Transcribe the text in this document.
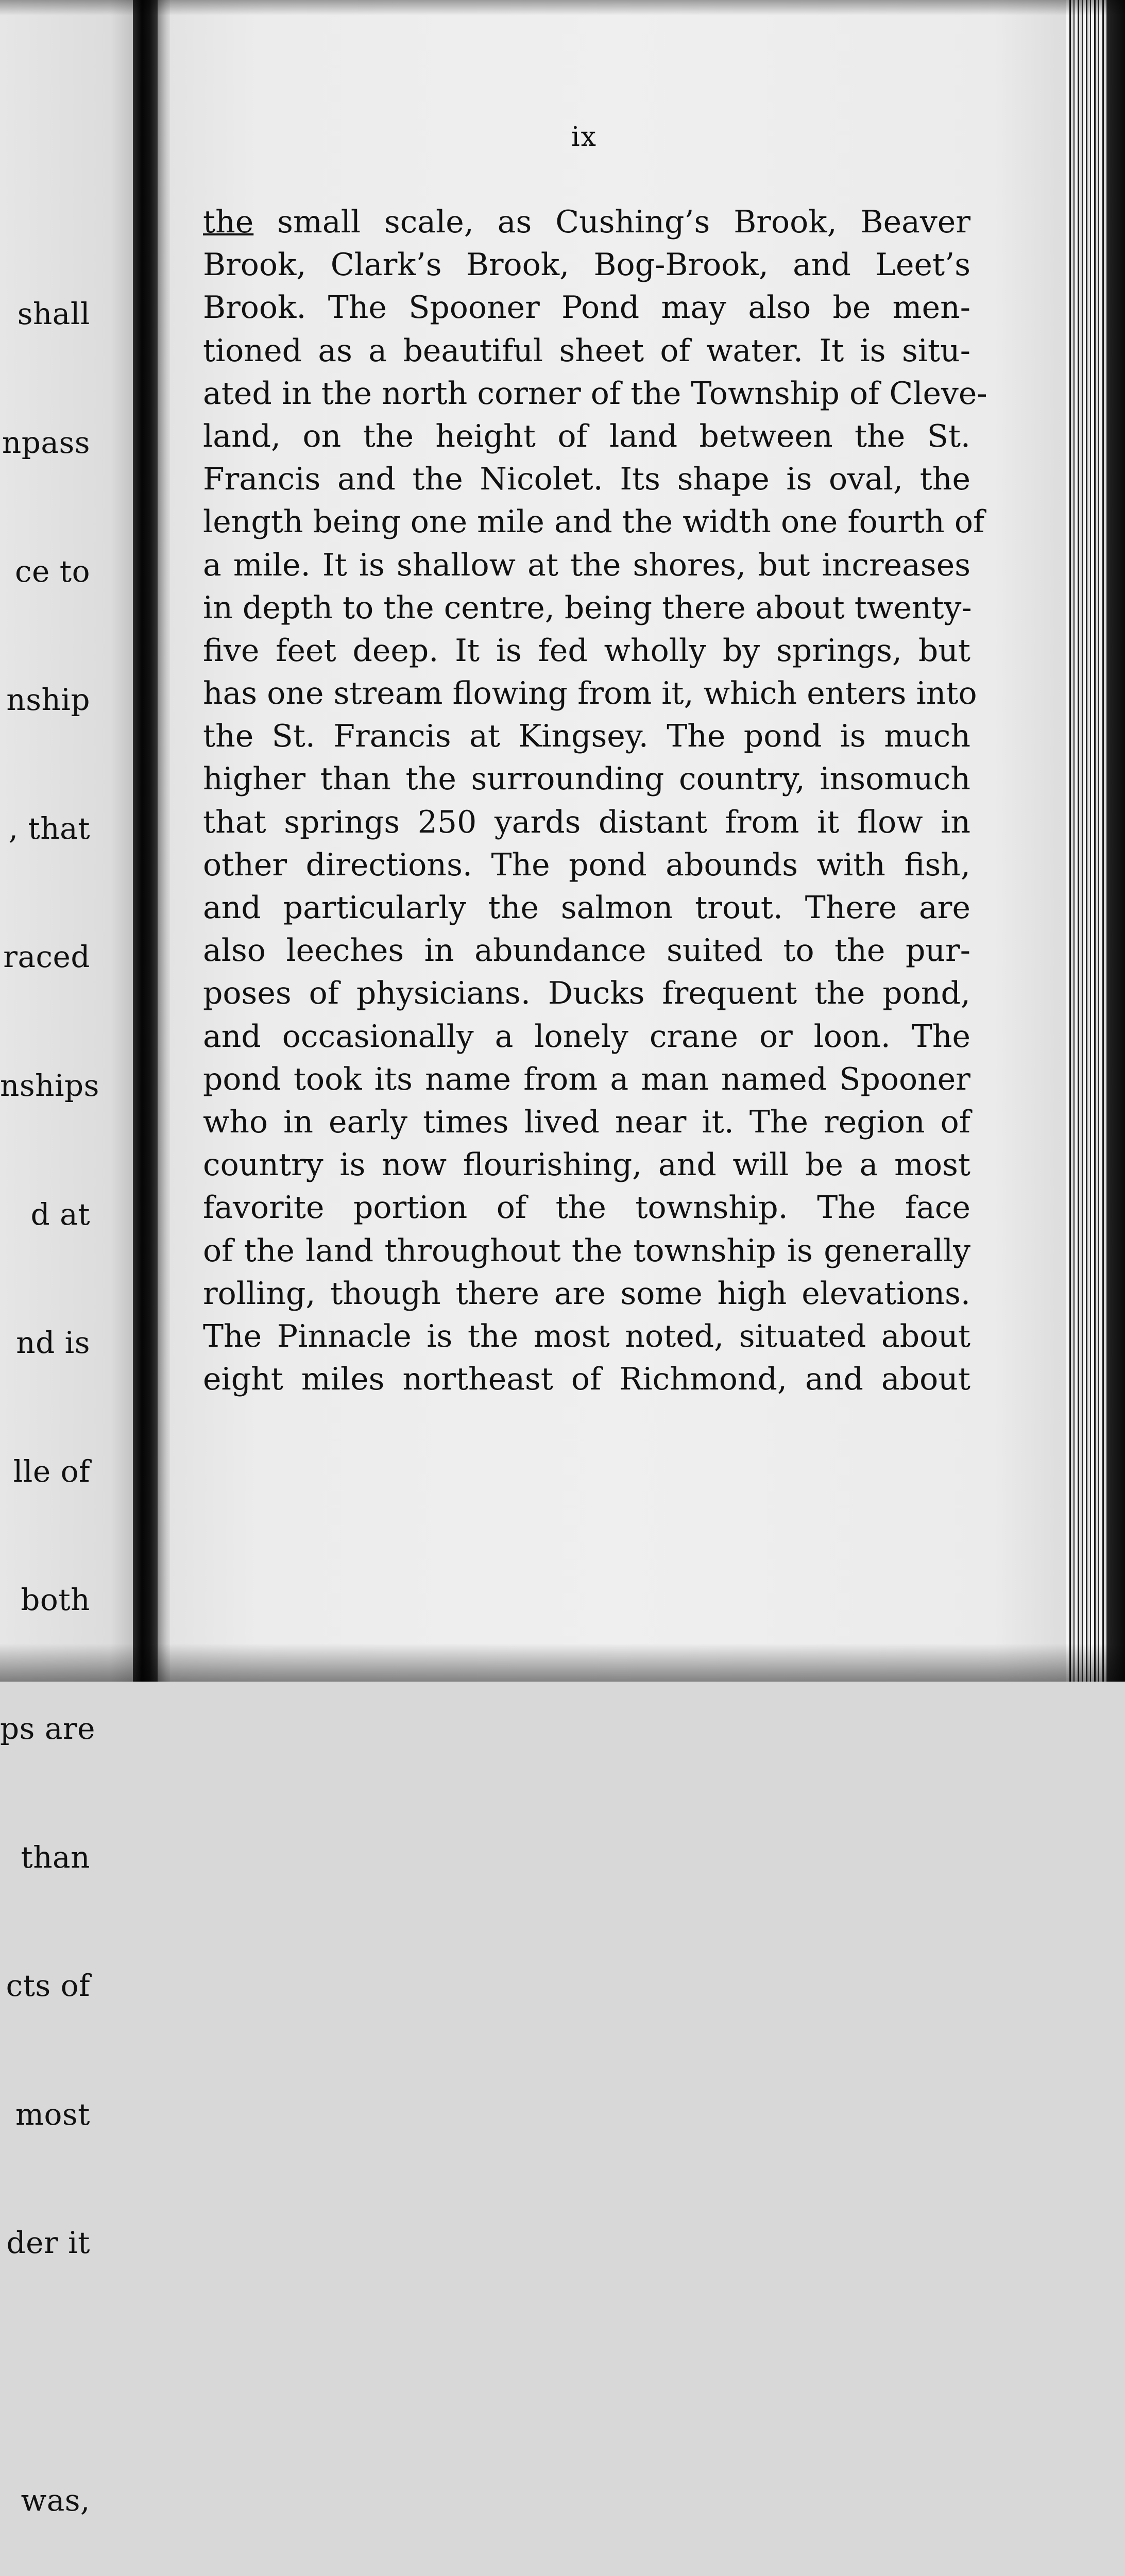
shall

npass

ce to

nship

, that

raced

nships

d at

nd is

lle of

both

ps are

than

cts of

most

der it

was,

ix
the small scale, as Cushing’s Brook, Beaver
Brook, Clark’s Brook, Bog-Brook, and Leet’s
Brook. The Spooner Pond may also be men-
tioned as a beautiful sheet of water. It is situ-
ated in the north corner of the Township of Cleve-
land, on the height of land between the St.
Francis and the Nicolet. Its shape is oval, the
length being one mile and the width one fourth of
a mile. It is shallow at the shores, but increases
in depth to the centre, being there about twenty-
five feet deep. It is fed wholly by springs, but
has one stream flowing from it, which enters into
the St. Francis at Kingsey. The pond is much
higher than the surrounding country, insomuch
that springs 250 yards distant from it flow in
other directions. The pond abounds with fish,
and particularly the salmon trout. There are
also leeches in abundance suited to the pur-
poses of physicians. Ducks frequent the pond,
and occasionally a lonely crane or loon. The
pond took its name from a man named Spooner
who in early times lived near it. The region of
country is now flourishing, and will be a most
favorite portion of the township. The face
of the land throughout the township is generally
rolling, though there are some high elevations.
The Pinnacle is the most noted, situated about
eight miles northeast of Richmond, and about
